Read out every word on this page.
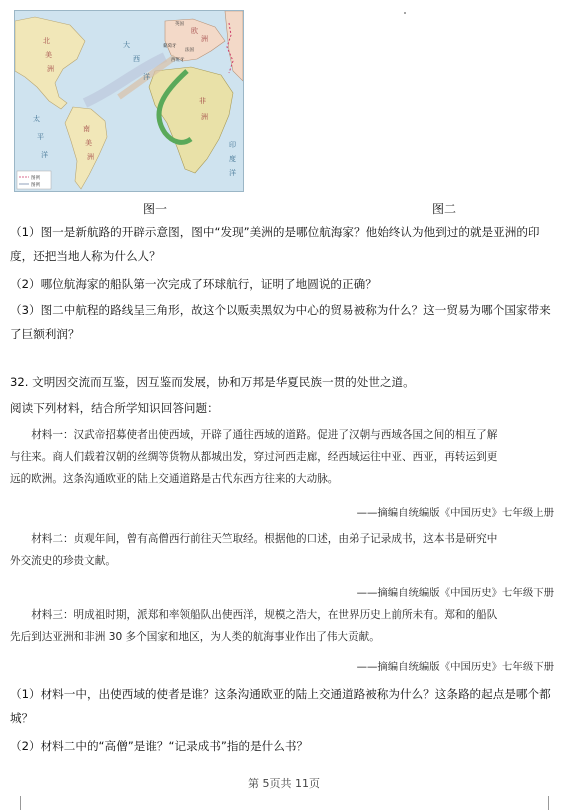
大
西
洋
太
平
洋
印
度
洋
北
美
洲
南
美
洲
欧
洲
非
洲
葡萄牙
西班牙
英国
法国
图例
图例
图一	图二
（1）图一是新航路的开辟示意图，图中“发现”美洲的是哪位航海家？他始终认为他到过的就是亚洲的印
度，还把当地人称为什么人？
（2）哪位航海家的船队第一次完成了环球航行，证明了地圆说的正确？
（3）图二中航程的路线呈三角形，故这个以贩卖黑奴为中心的贸易被称为什么？这一贸易为哪个国家带来
了巨额利润？
32. 文明因交流而互鉴，因互鉴而发展，协和万邦是华夏民族一贯的处世之道。
阅读下列材料，结合所学知识回答问题：
材料一：汉武帝招募使者出使西域，开辟了通往西域的道路。促进了汉朝与西域各国之间的相互了解
与往来。商人们载着汉朝的丝绸等货物从都城出发，穿过河西走廊，经西域运往中亚、西亚，再转运到更
远的欧洲。这条沟通欧亚的陆上交通道路是古代东西方往来的大动脉。
——摘编自统编版《中国历史》七年级上册
材料二：贞观年间，曾有高僧西行前往天竺取经。根据他的口述，由弟子记录成书，这本书是研究中
外交流史的珍贵文献。
——摘编自统编版《中国历史》七年级下册
材料三：明成祖时期，派郑和率领船队出使西洋，规模之浩大，在世界历史上前所未有。郑和的船队
先后到达亚洲和非洲 30 多个国家和地区，为人类的航海事业作出了伟大贡献。
——摘编自统编版《中国历史》七年级下册
（1）材料一中，出使西域的使者是谁？这条沟通欧亚的陆上交通道路被称为什么？这条路的起点是哪个都
城？
（2）材料二中的“高僧”是谁？“记录成书”指的是什么书？
第 5页共 11页
